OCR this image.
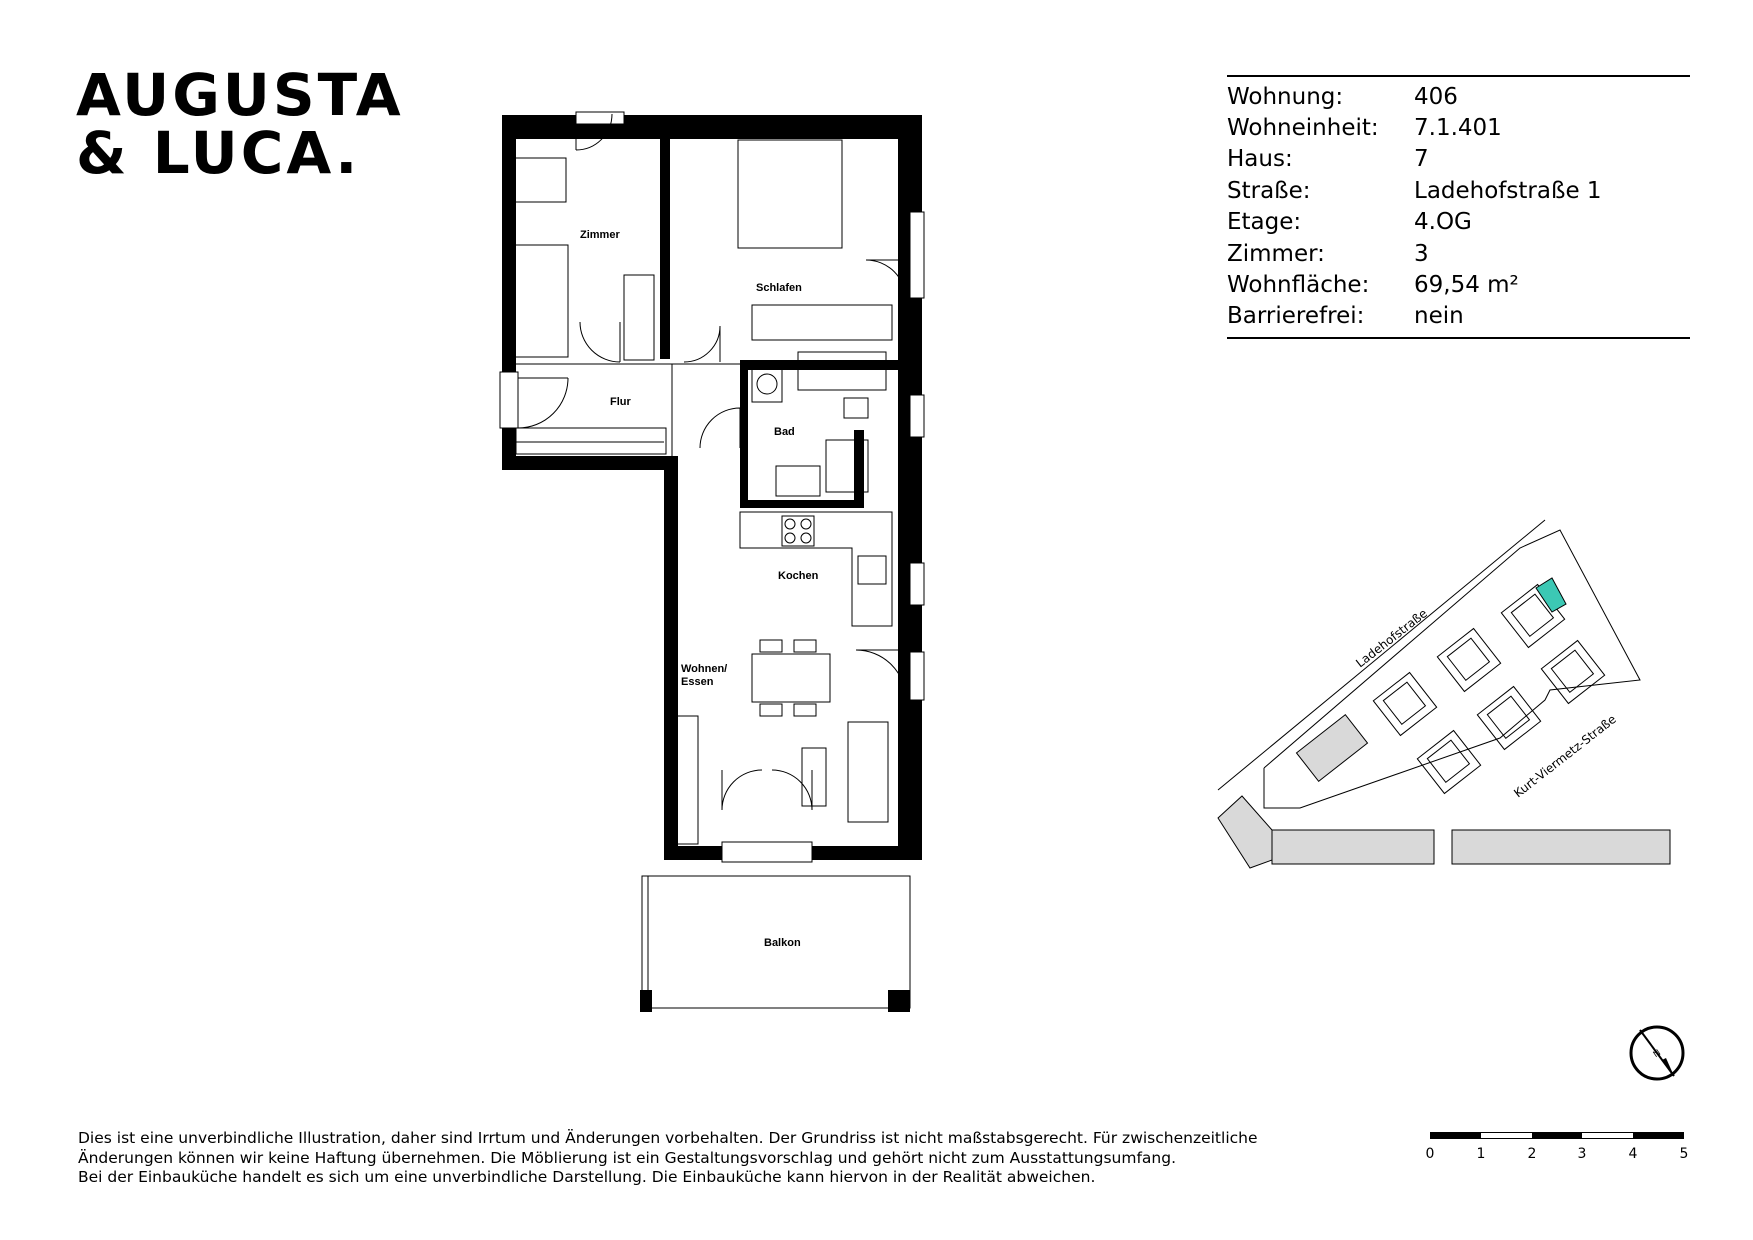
AUGUSTA
& LUCA.
Wohnung:	406
Wohneinheit:	7.1.401
Haus:	7
Straße:	Ladehofstraße 1
Etage:	4.OG
Zimmer:	3
Wohnfläche:	69,54 m²
Barrierefrei:	nein
Zimmer
Schlafen
Flur
Bad
Kochen
Wohnen/
Essen
Balkon
Ladehofstraße
Kurt-Viermetz-Straße
N
Dies ist eine unverbindliche Illustration, daher sind Irrtum und Änderungen vorbehalten. Der Grundriss ist nicht maßstabsgerecht. Für zwischenzeitliche
Änderungen können wir keine Haftung übernehmen. Die Möblierung ist ein Gestaltungsvorschlag und gehört nicht zum Ausstattungsumfang.
Bei der Einbauküche handelt es sich um eine unverbindliche Darstellung. Die Einbauküche kann hiervon in der Realität abweichen.
0	1	2	3	4	5
